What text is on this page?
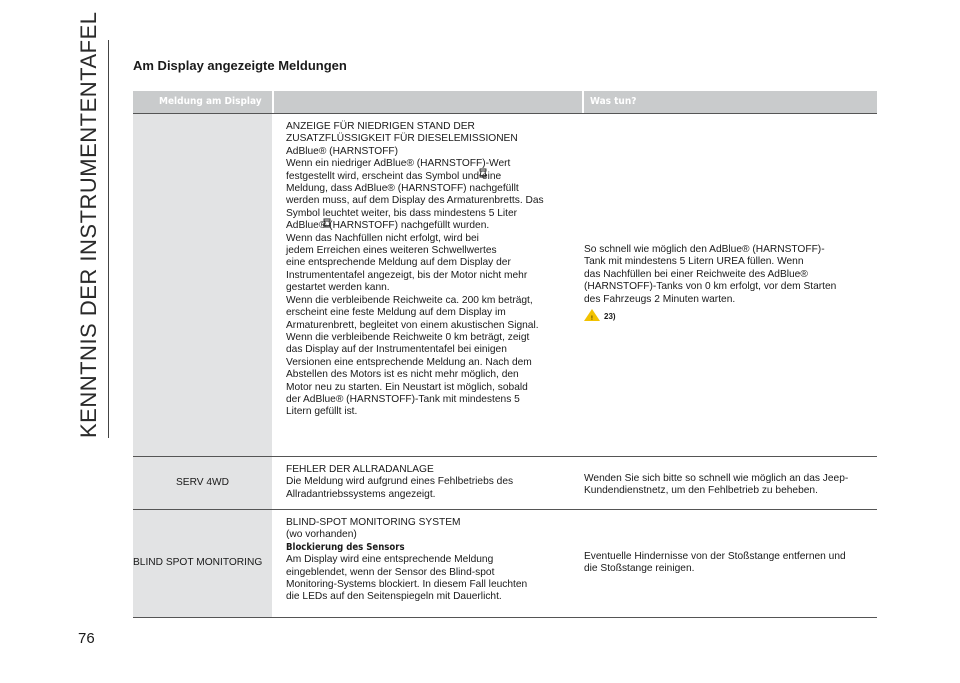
KENNTNIS DER INSTRUMENTENTAFEL
76
Am Display angezeigte Meldungen
Meldung am Display	Was tun?
ANZEIGE FÜR NIEDRIGEN STAND DER
ZUSATZFLÜSSIGKEIT FÜR DIESELEMISSIONEN
AdBlue® (HARNSTOFF)
Wenn ein niedriger AdBlue® (HARNSTOFF)-Wert
festgestellt wird, erscheint das Symbol und eine
Meldung, dass AdBlue® (HARNSTOFF) nachgefüllt
werden muss, auf dem Display des Armaturenbretts. Das
Symbol leuchtet weiter, bis dass mindestens 5 Liter
AdBlue® (HARNSTOFF) nachgefüllt wurden.
Wenn das Nachfüllen nicht erfolgt, wird bei
jedem Erreichen eines weiteren Schwellwertes
eine entsprechende Meldung auf dem Display der
Instrumententafel angezeigt, bis der Motor nicht mehr
gestartet werden kann.
Wenn die verbleibende Reichweite ca. 200 km beträgt,
erscheint eine feste Meldung auf dem Display im
Armaturenbrett, begleitet von einem akustischen Signal.
Wenn die verbleibende Reichweite 0 km beträgt, zeigt
das Display auf der Instrumententafel bei einigen
Versionen eine entsprechende Meldung an. Nach dem
Abstellen des Motors ist es nicht mehr möglich, den
Motor neu zu starten. Ein Neustart ist möglich, sobald
der AdBlue® (HARNSTOFF)-Tank mit mindestens 5
Litern gefüllt ist.
So schnell wie möglich den AdBlue® (HARNSTOFF)-
Tank mit mindestens 5 Litern UREA füllen. Wenn
das Nachfüllen bei einer Reichweite des AdBlue®
(HARNSTOFF)-Tanks von 0 km erfolgt, vor dem Starten
des Fahrzeugs 2 Minuten warten.
! 23)
SERV 4WD
FEHLER DER ALLRADANLAGE
Die Meldung wird aufgrund eines Fehlbetriebs des
Allradantriebssystems angezeigt.
Wenden Sie sich bitte so schnell wie möglich an das Jeep-
Kundendienstnetz, um den Fehlbetrieb zu beheben.
BLIND SPOT MONITORING
BLIND-SPOT MONITORING SYSTEM
(wo vorhanden)
Blockierung des Sensors
Am Display wird eine entsprechende Meldung
eingeblendet, wenn der Sensor des Blind-spot
Monitoring-Systems blockiert. In diesem Fall leuchten
die LEDs auf den Seitenspiegeln mit Dauerlicht.
Eventuelle Hindernisse von der Stoßstange entfernen und
die Stoßstange reinigen.
